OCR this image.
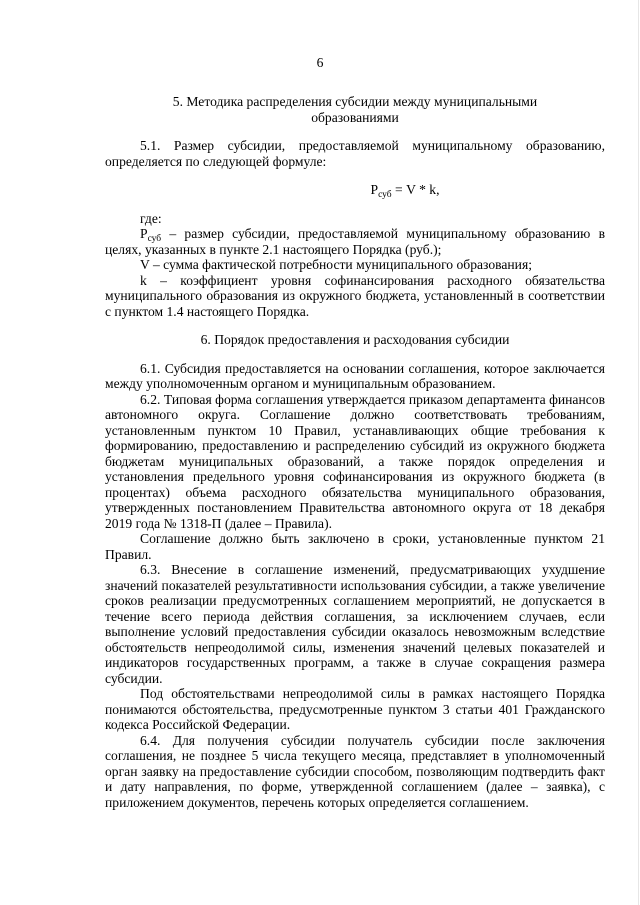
6

5. Методика распределения субсидии между муниципальными

образованиями

5.1. Размер субсидии, предоставляемой муниципальному образованию, определяется по следующей формуле:

$Р_{суб} = V * k$,

где:

$Р_{суб}$ – размер субсидии, предоставляемой муниципальному образованию в целях, указанных в пункте 2.1 настоящего Порядка (руб.);

V – сумма фактической потребности муниципального образования;

k – коэффициент уровня софинансирования расходного обязательства муниципального образования из окружного бюджета, установленный в соответствии с пунктом 1.4 настоящего Порядка.

6. Порядок предоставления и расходования субсидии

6.1. Субсидия предоставляется на основании соглашения, которое заключается между уполномоченным органом и муниципальным образованием.

6.2. Типовая форма соглашения утверждается приказом департамента финансов автономного округа. Соглашение должно соответствовать требованиям, установленным пунктом 10 Правил, устанавливающих общие требования к формированию, предоставлению и распределению субсидий из окружного бюджета бюджетам муниципальных образований, а также порядок определения и установления предельного уровня софинансирования из окружного бюджета (в процентах) объема расходного обязательства муниципального образования, утвержденных постановлением Правительства автономного округа от 18 декабря 2019 года № 1318-П (далее – Правила).

Соглашение должно быть заключено в сроки, установленные пунктом 21 Правил.

6.3. Внесение в соглашение изменений, предусматривающих ухудшение значений показателей результативности использования субсидии, а также увеличение сроков реализации предусмотренных соглашением мероприятий, не допускается в течение всего периода действия соглашения, за исключением случаев, если выполнение условий предоставления субсидии оказалось невозможным вследствие обстоятельств непреодолимой силы, изменения значений целевых показателей и индикаторов государственных программ, а также в случае сокращения размера субсидии.

Под обстоятельствами непреодолимой силы в рамках настоящего Порядка понимаются обстоятельства, предусмотренные пунктом 3 статьи 401 Гражданского кодекса Российской Федерации.

6.4. Для получения субсидии получатель субсидии после заключения соглашения, не позднее 5 числа текущего месяца, представляет в уполномоченный орган заявку на предоставление субсидии способом, позволяющим подтвердить факт и дату направления, по форме, утвержденной соглашением (далее – заявка), с приложением документов, перечень которых определяется соглашением.
